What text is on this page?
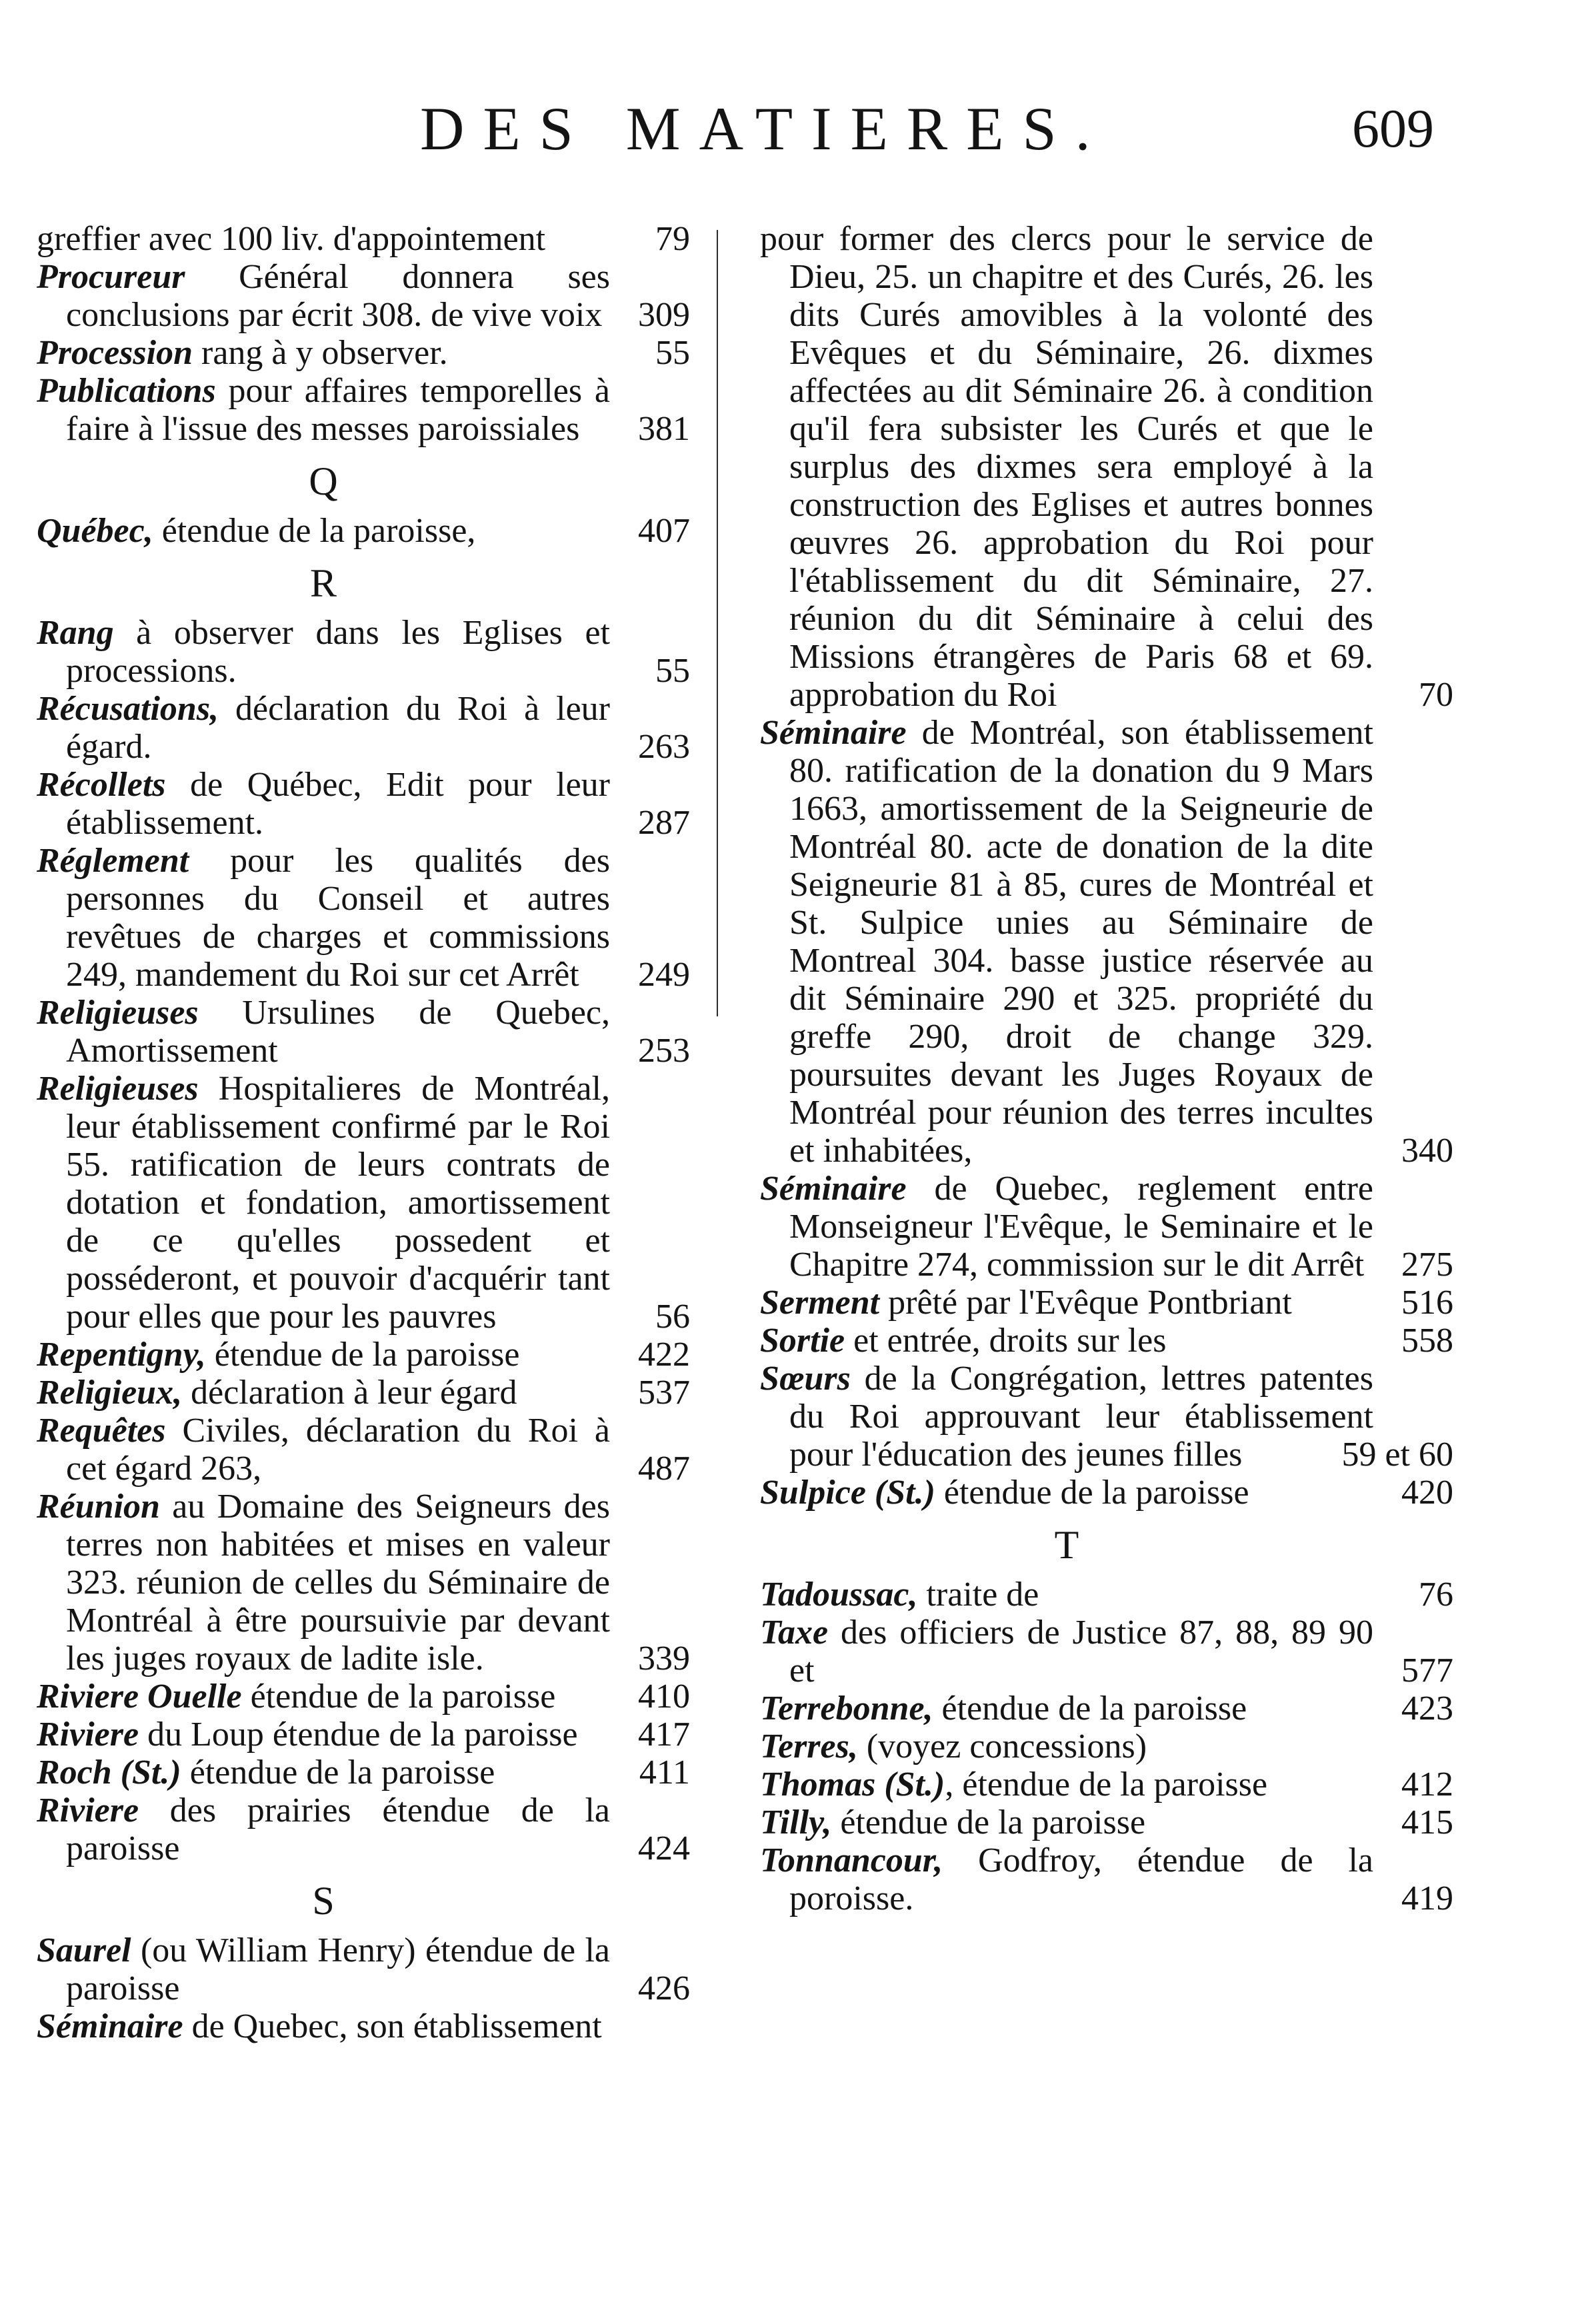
DES MATIERES.	609
greffier avec 100 liv. d'appointement	79
Procureur Général donnera ses conclusions par écrit 308. de vive voix 309
Procession rang à y observer.	55
Publications pour affaires temporelles à faire à l'issue des messes paroissiales 381
Q
Québec, étendue de la paroisse,	407
R
Rang à observer dans les Eglises et processions.	55
Récusations, déclaration du Roi à leur égard.	263
Récollets de Québec, Edit pour leur établissement.	287
Réglement pour les qualités des personnes du Conseil et autres revêtues de charges et commissions 249, mandement du Roi sur cet Arrêt 249
Religieuses Ursulines de Quebec, Amortissement	253
Religieuses Hospitalieres de Montréal, leur établissement confirmé par le Roi 55. ratification de leurs contrats de dotation et fondation, amortissement de ce qu'elles possedent et posséderont, et pouvoir d'acquérir tant pour elles que pour les pauvres	56
Repentigny, étendue de la paroisse	422
Religieux, déclaration à leur égard	537
Requêtes Civiles, déclaration du Roi à cet égard 263,	487
Réunion au Domaine des Seigneurs des terres non habitées et mises en valeur 323. réunion de celles du Séminaire de Montréal à être poursuivie par devant les juges royaux de ladite isle.	339
Riviere Ouelle étendue de la paroisse 410
Riviere du Loup étendue de la paroisse 417
Roch (St.) étendue de la paroisse	411
Riviere des prairies étendue de la paroisse	424
S
Saurel (ou William Henry) étendue de la paroisse	426
Séminaire de Quebec, son établissement
pour former des clercs pour le service de Dieu, 25. un chapitre et des Curés, 26. les dits Curés amovibles à la volonté des Evêques et du Séminaire, 26. dixmes affectées au dit Séminaire 26. à condition qu'il fera subsister les Curés et que le surplus des dixmes sera employé à la construction des Eglises et autres bonnes œuvres 26. approbation du Roi pour l'établissement du dit Séminaire, 27. réunion du dit Séminaire à celui des Missions étrangères de Paris 68 et 69. approbation du Roi	70
Séminaire de Montréal, son établissement 80. ratification de la donation du 9 Mars 1663, amortissement de la Seigneurie de Montréal 80. acte de donation de la dite Seigneurie 81 à 85, cures de Montréal et St. Sulpice unies au Séminaire de Montreal 304. basse justice réservée au dit Séminaire 290 et 325. propriété du greffe 290, droit de change 329. poursuites devant les Juges Royaux de Montréal pour réunion des terres incultes et inhabitées,	340
Séminaire de Quebec, reglement entre Monseigneur l'Evêque, le Seminaire et le Chapitre 274, commission sur le dit Arrêt 275
Serment prêté par l'Evêque Pontbriant	516
Sortie et entrée, droits sur les	558
Sœurs de la Congrégation, lettres patentes du Roi approuvant leur établissement pour l'éducation des jeunes filles	59 et 60
Sulpice (St.) étendue de la paroisse	420
T
Tadoussac, traite de	76
Taxe des officiers de Justice 87, 88, 89 90 et	577
Terrebonne, étendue de la paroisse	423
Terres, (voyez concessions)
Thomas (St.), étendue de la paroisse	412
Tilly, étendue de la paroisse	415
Tonnancour, Godfroy, étendue de la poroisse.	419
